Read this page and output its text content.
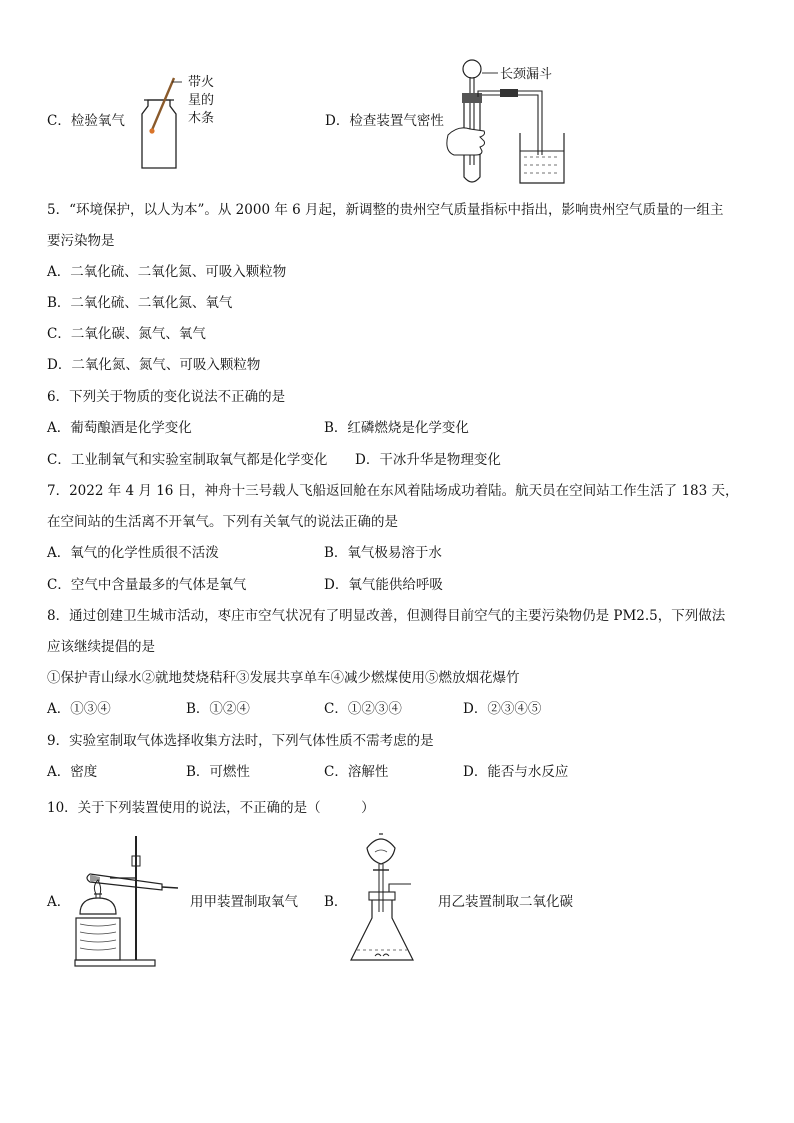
C．检验氧气
带火
星的
木条	D．检查装置气密性
长颈漏斗
5．“环境保护，以人为本”。从 2000 年 6 月起，新调整的贵州空气质量指标中指出，影响贵州空气质量的一组主
要污染物是
A．二氧化硫、二氧化氮、可吸入颗粒物
B．二氧化硫、二氧化氮、氧气
C．二氧化碳、氮气、氧气
D．二氧化氮、氮气、可吸入颗粒物
6．下列关于物质的变化说法不正确的是
A．葡萄酿酒是化学变化	B．红磷燃烧是化学变化
C．工业制氧气和实验室制取氧气都是化学变化 D．干冰升华是物理变化
7．2022 年 4 月 16 日，神舟十三号载人飞船返回舱在东风着陆场成功着陆。航天员在空间站工作生活了 183 天，
在空间站的生活离不开氧气。下列有关氧气的说法正确的是
A．氧气的化学性质很不活泼	B．氧气极易溶于水
C．空气中含量最多的气体是氧气	D．氧气能供给呼吸
8．通过创建卫生城市活动，枣庄市空气状况有了明显改善，但测得目前空气的主要污染物仍是 PM2.5，下列做法
应该继续提倡的是
①保护青山绿水②就地焚烧秸秆③发展共享单车④减少燃煤使用⑤燃放烟花爆竹
A．①③④	B．①②④	C．①②③④	D．②③④⑤
9．实验室制取气体选择收集方法时，下列气体性质不需考虑的是
A．密度	B．可燃性	C．溶解性	D．能否与水反应
10．关于下列装置使用的说法，不正确的是（　　　）
A．	用甲装置制取氧气 B．	用乙装置制取二氧化碳
